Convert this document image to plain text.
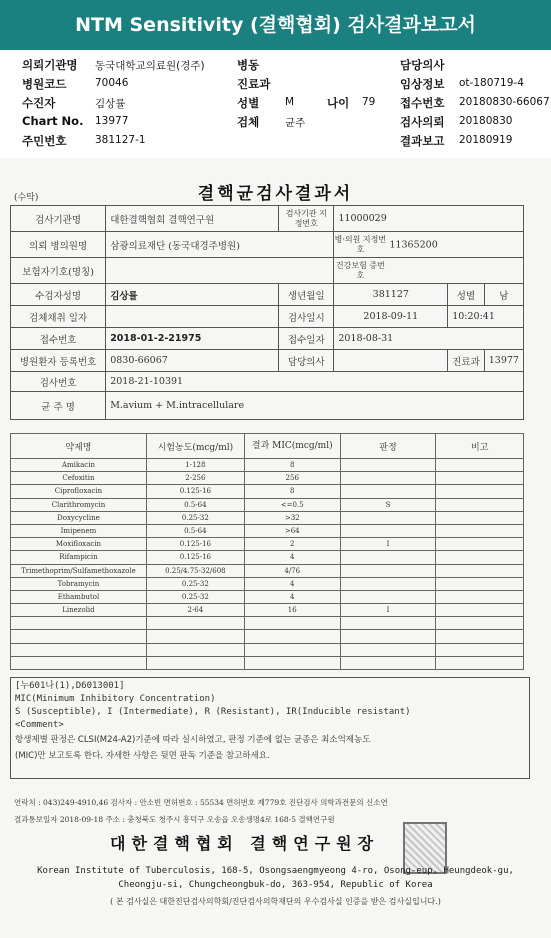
NTM Sensitivity (결핵협회) 검사결과보고서
의뢰기관명 동국대학교의료원(경주)	병동	담당의사
병원코드	70046	진료과	임상정보 ot-180719-4
수진자	김상률	성별 M	나이 79 접수번호 20180830-66067
Chart No. 13977	검체 균주	검사의뢰 20180830
주민번호	381127-1	결과보고 20180919
(수탁)	결핵균검사결과서
검사기관명	대한결핵협회 결핵연구원	검사기관 지정번호	11000029		
의뢰 병의원명	삼광의료재단 (동국대경주병원)		병·의원 지정번호 11365200		
보험자기호(명칭)			건강보험 증번호		
수검자성명	김상률	생년월일	381127	성별	남
검체채취 일자		검사일시	2018-09-11	10:20:41	
접수번호	2018-01-2-21975	접수일자	2018-08-31		
병원환자 등록번호	0830-66067	담당의사		진료과	13977
검사번호	2018-21-10391				
균 주 명	M.avium + M.intracellulare				
약제명	시험농도(mcg/ml)	결과 MIC(mcg/ml)	판정	비고
Amikacin	1-128	8		
Cefoxitin	2-256	256		
Ciprofloxacin	0.125-16	8		
Clarithromycin	0.5-64	<=0.5	S	
Doxycycline	0.25-32	>32		
Imipenem	0.5-64	>64		
Moxifloxacin	0.125-16	2	I	
Rifampicin	0.125-16	4		
Trimethoprim/Sulfamethoxazole	0.25/4.75-32/608	4/76		
Tobramycin	0.25-32	4		
Ethambutol	0.25-32	4		
Linezolid	2-64	16	I	

[누601나(1),D6013001]
MIC(Minimum Inhibitory Concentration)
S (Susceptible), I (Intermediate), R (Resistant), IR(Inducible resistant)
<Comment>
항생제별 판정은 CLSI(M24-A2)기준에 따라 실시하였고, 판정 기준에 없는 균종은 최소억제농도
(MIC)만 보고토록 한다. 자세한 사항은 뒷면 판독 기준을 참고하세요.
연락처 : 043)249-4910,46 검사자 : 안소빈 면허번호 : 55534 면허번호 제779호 진단검사 의학과전문의 신소연
결과통보일자 2018-09-18 주소 : 충청북도 청주시 흥덕구 오송읍 오송생명4로 168-5 결핵연구원
대한결핵협회 결핵연구원장
Korean Institute of Tuberculosis, 168-5, Osongsaengmyeong 4-ro, Osong-eup, Heungdeok-gu,
Cheongju-si, Chungcheongbuk-do, 363-954, Republic of Korea
( 본 검사실은 대한진단검사의학회/진단검사의학재단의 우수검사실 인증을 받은 검사실입니다.)
